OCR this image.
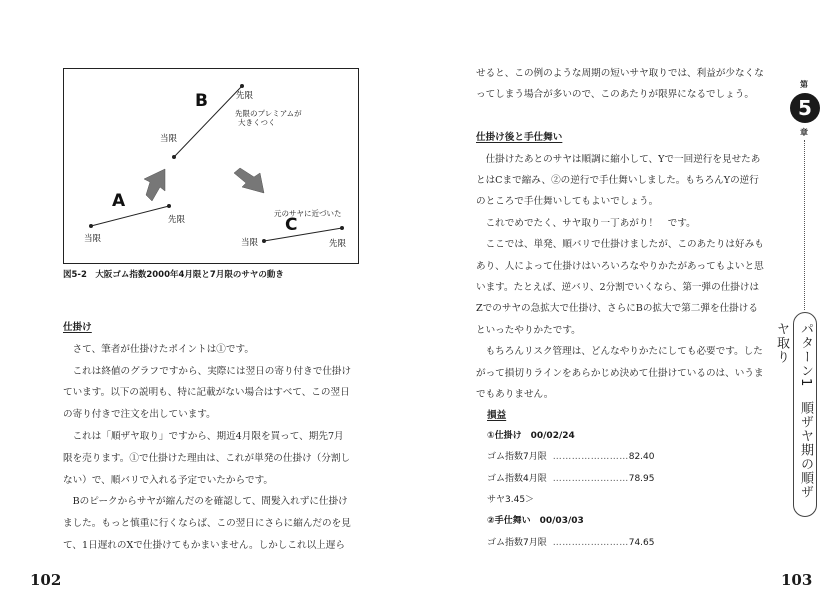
A
当限
先限
B
当限
先限
先限のプレミアムが
大きくつく
元のサヤに近づいた
C
当限	先限
図5-2　大阪ゴム指数2000年4月限と7月限のサヤの動き
仕掛け
　さて、筆者が仕掛けたポイントは①です。
　これは終値のグラフですから、実際には翌日の寄り付きで仕掛け
ています。以下の説明も、特に記載がない場合はすべて、この翌日
の寄り付きで注文を出しています。
　これは「順ザヤ取り」ですから、期近4月限を買って、期先7月
限を売ります。①で仕掛けた理由は、これが単発の仕掛け（分割し
ない）で、順バリで入れる予定でいたからです。
　Bのピークからサヤが縮んだのを確認して、間髪入れずに仕掛け
ました。もっと慎重に行くならば、この翌日にさらに縮んだのを見
て、1日遅れのXで仕掛けてもかまいません。しかしこれ以上遅ら
102
せると、この例のような周期の短いサヤ取りでは、利益が少なくな
ってしまう場合が多いので、このあたりが限界になるでしょう。
仕掛け後と手仕舞い
　仕掛けたあとのサヤは順調に縮小して、Yで一回逆行を見せたあ
とはCまで縮み、②の逆行で手仕舞いしました。もちろんYの逆行
のところで手仕舞いしてもよいでしょう。
　これでめでたく、サヤ取り一丁あがり！　です。
　ここでは、単発、順バリで仕掛けましたが、このあたりは好みも
あり、人によって仕掛けはいろいろなやりかたがあってもよいと思
います。たとえば、逆バリ、2分割でいくなら、第一弾の仕掛けは
Zでのサヤの急拡大で仕掛け、さらにBの拡大で第二弾を仕掛ける
といったやりかたです。
　もちろんリスク管理は、どんなやりかたにしても必要です。した
がって損切りラインをあらかじめ決めて仕掛けているのは、いうま
でもありません。
損益
①仕掛け　00/02/24
ゴム指数7月限 ……………………82.40
ゴム指数4月限 ……………………78.95
サヤ3.45＞
②手仕舞い　00/03/03
ゴム指数7月限 ……………………74.65
103
第
5
章
パターン1　順ザヤ期の順ザヤ取り
